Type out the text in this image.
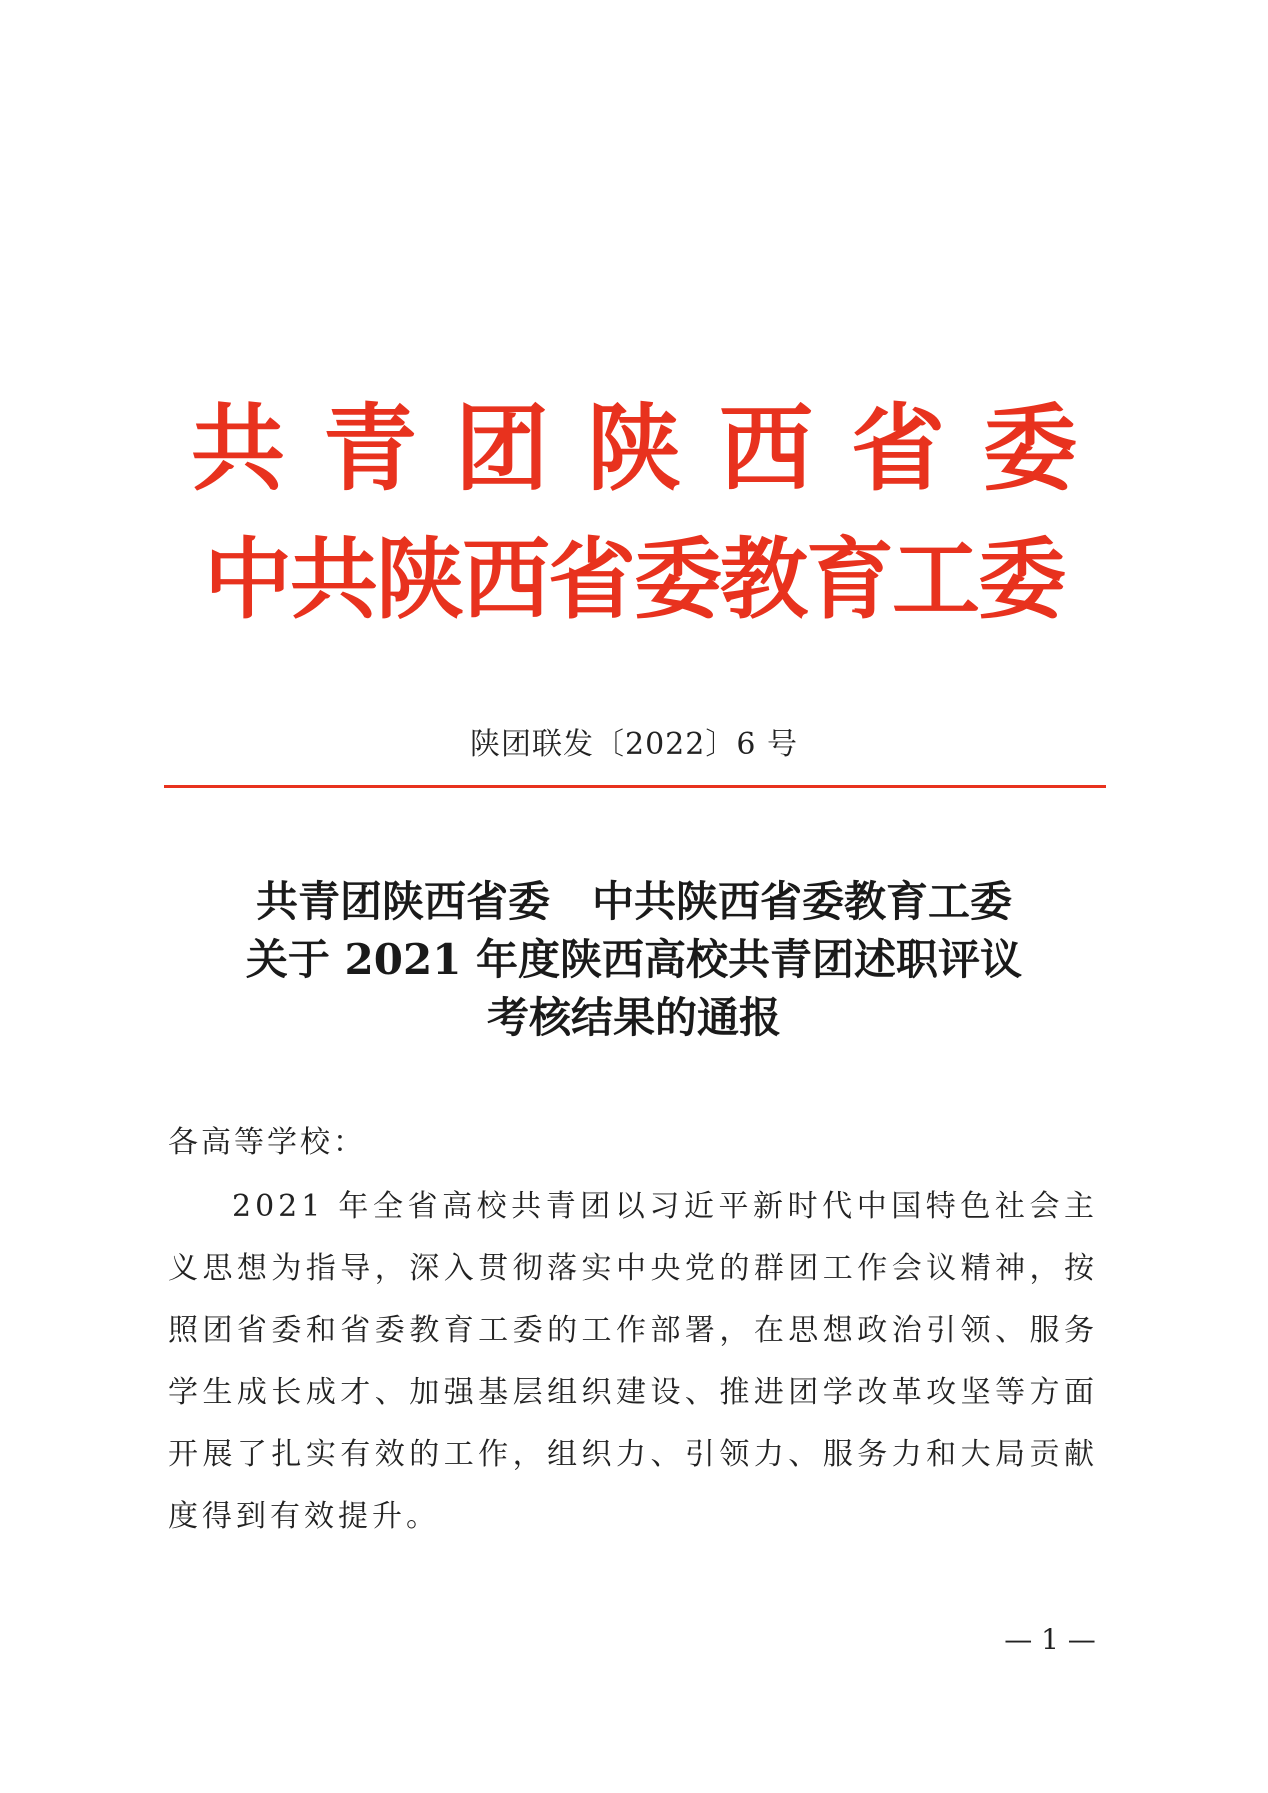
共青团陕西省委
中共陕西省委教育工委
陕团联发〔2022〕6 号
共青团陕西省委　中共陕西省委教育工委
关于 2021 年度陕西高校共青团述职评议
考核结果的通报
各高等学校：
2021 年全省高校共青团以习近平新时代中国特色社会主义思想为指导，深入贯彻落实中央党的群团工作会议精神，按照团省委和省委教育工委的工作部署，在思想政治引领、服务学生成长成才、加强基层组织建设、推进团学改革攻坚等方面开展了扎实有效的工作，组织力、引领力、服务力和大局贡献度得到有效提升。
— 1 —
